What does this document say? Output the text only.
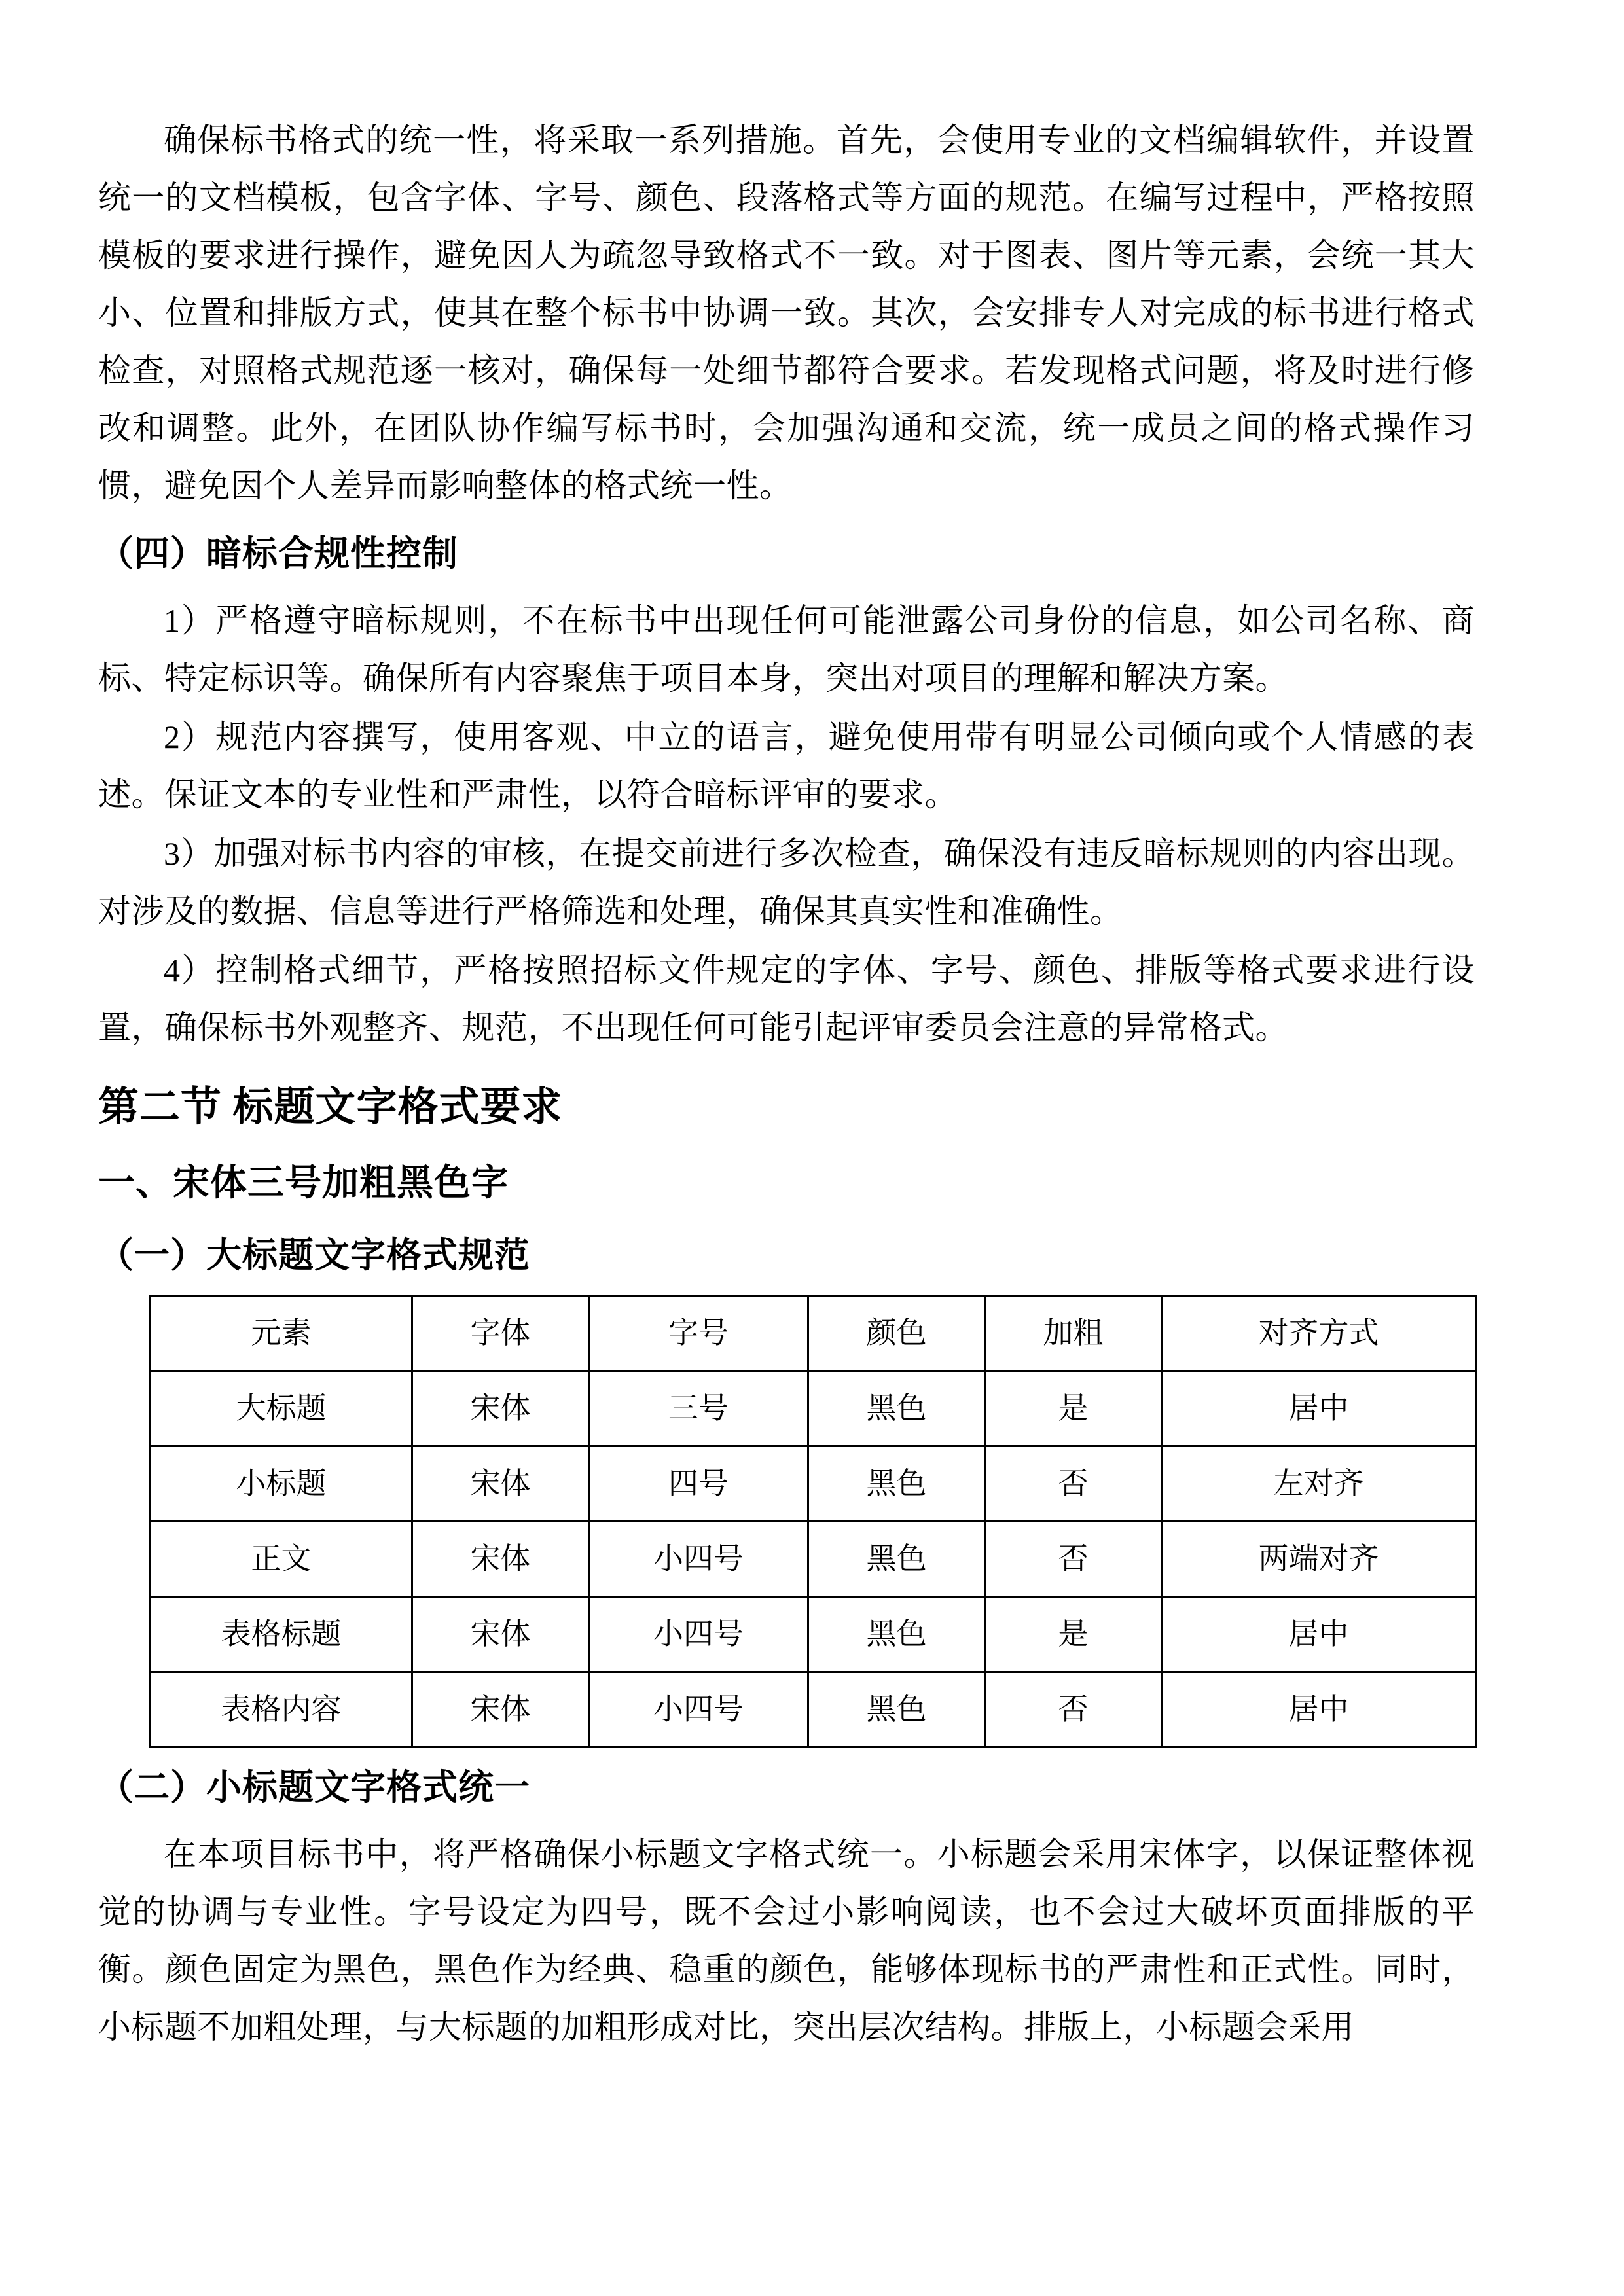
确保标书格式的统一性，将采取一系列措施。首先，会使用专业的文档编辑软件，并设置统一的文档模板，包含字体、字号、颜色、段落格式等方面的规范。在编写过程中，严格按照模板的要求进行操作，避免因人为疏忽导致格式不一致。对于图表、图片等元素，会统一其大小、位置和排版方式，使其在整个标书中协调一致。其次，会安排专人对完成的标书进行格式检查，对照格式规范逐一核对，确保每一处细节都符合要求。若发现格式问题，将及时进行修改和调整。此外，在团队协作编写标书时，会加强沟通和交流，统一成员之间的格式操作习惯，避免因个人差异而影响整体的格式统一性。

（四）暗标合规性控制

1）严格遵守暗标规则，不在标书中出现任何可能泄露公司身份的信息，如公司名称、商标、特定标识等。确保所有内容聚焦于项目本身，突出对项目的理解和解决方案。

2）规范内容撰写，使用客观、中立的语言，避免使用带有明显公司倾向或个人情感的表述。保证文本的专业性和严肃性，以符合暗标评审的要求。

3）加强对标书内容的审核，在提交前进行多次检查，确保没有违反暗标规则的内容出现。对涉及的数据、信息等进行严格筛选和处理，确保其真实性和准确性。

4）控制格式细节，严格按照招标文件规定的字体、字号、颜色、排版等格式要求进行设置，确保标书外观整齐、规范，不出现任何可能引起评审委员会注意的异常格式。

第二节 标题文字格式要求
一、宋体三号加粗黑色字
（一）大标题文字格式规范
元素	字体	字号	颜色	加粗	对齐方式
大标题	宋体	三号	黑色	是	居中
小标题	宋体	四号	黑色	否	左对齐
正文	宋体	小四号	黑色	否	两端对齐
表格标题	宋体	小四号	黑色	是	居中
表格内容	宋体	小四号	黑色	否	居中
（二）小标题文字格式统一

在本项目标书中，将严格确保小标题文字格式统一。小标题会采用宋体字，以保证整体视觉的协调与专业性。字号设定为四号，既不会过小影响阅读，也不会过大破坏页面排版的平衡。颜色固定为黑色，黑色作为经典、稳重的颜色，能够体现标书的严肃性和正式性。同时，小标题不加粗处理，与大标题的加粗形成对比，突出层次结构。排版上，小标题会采用
